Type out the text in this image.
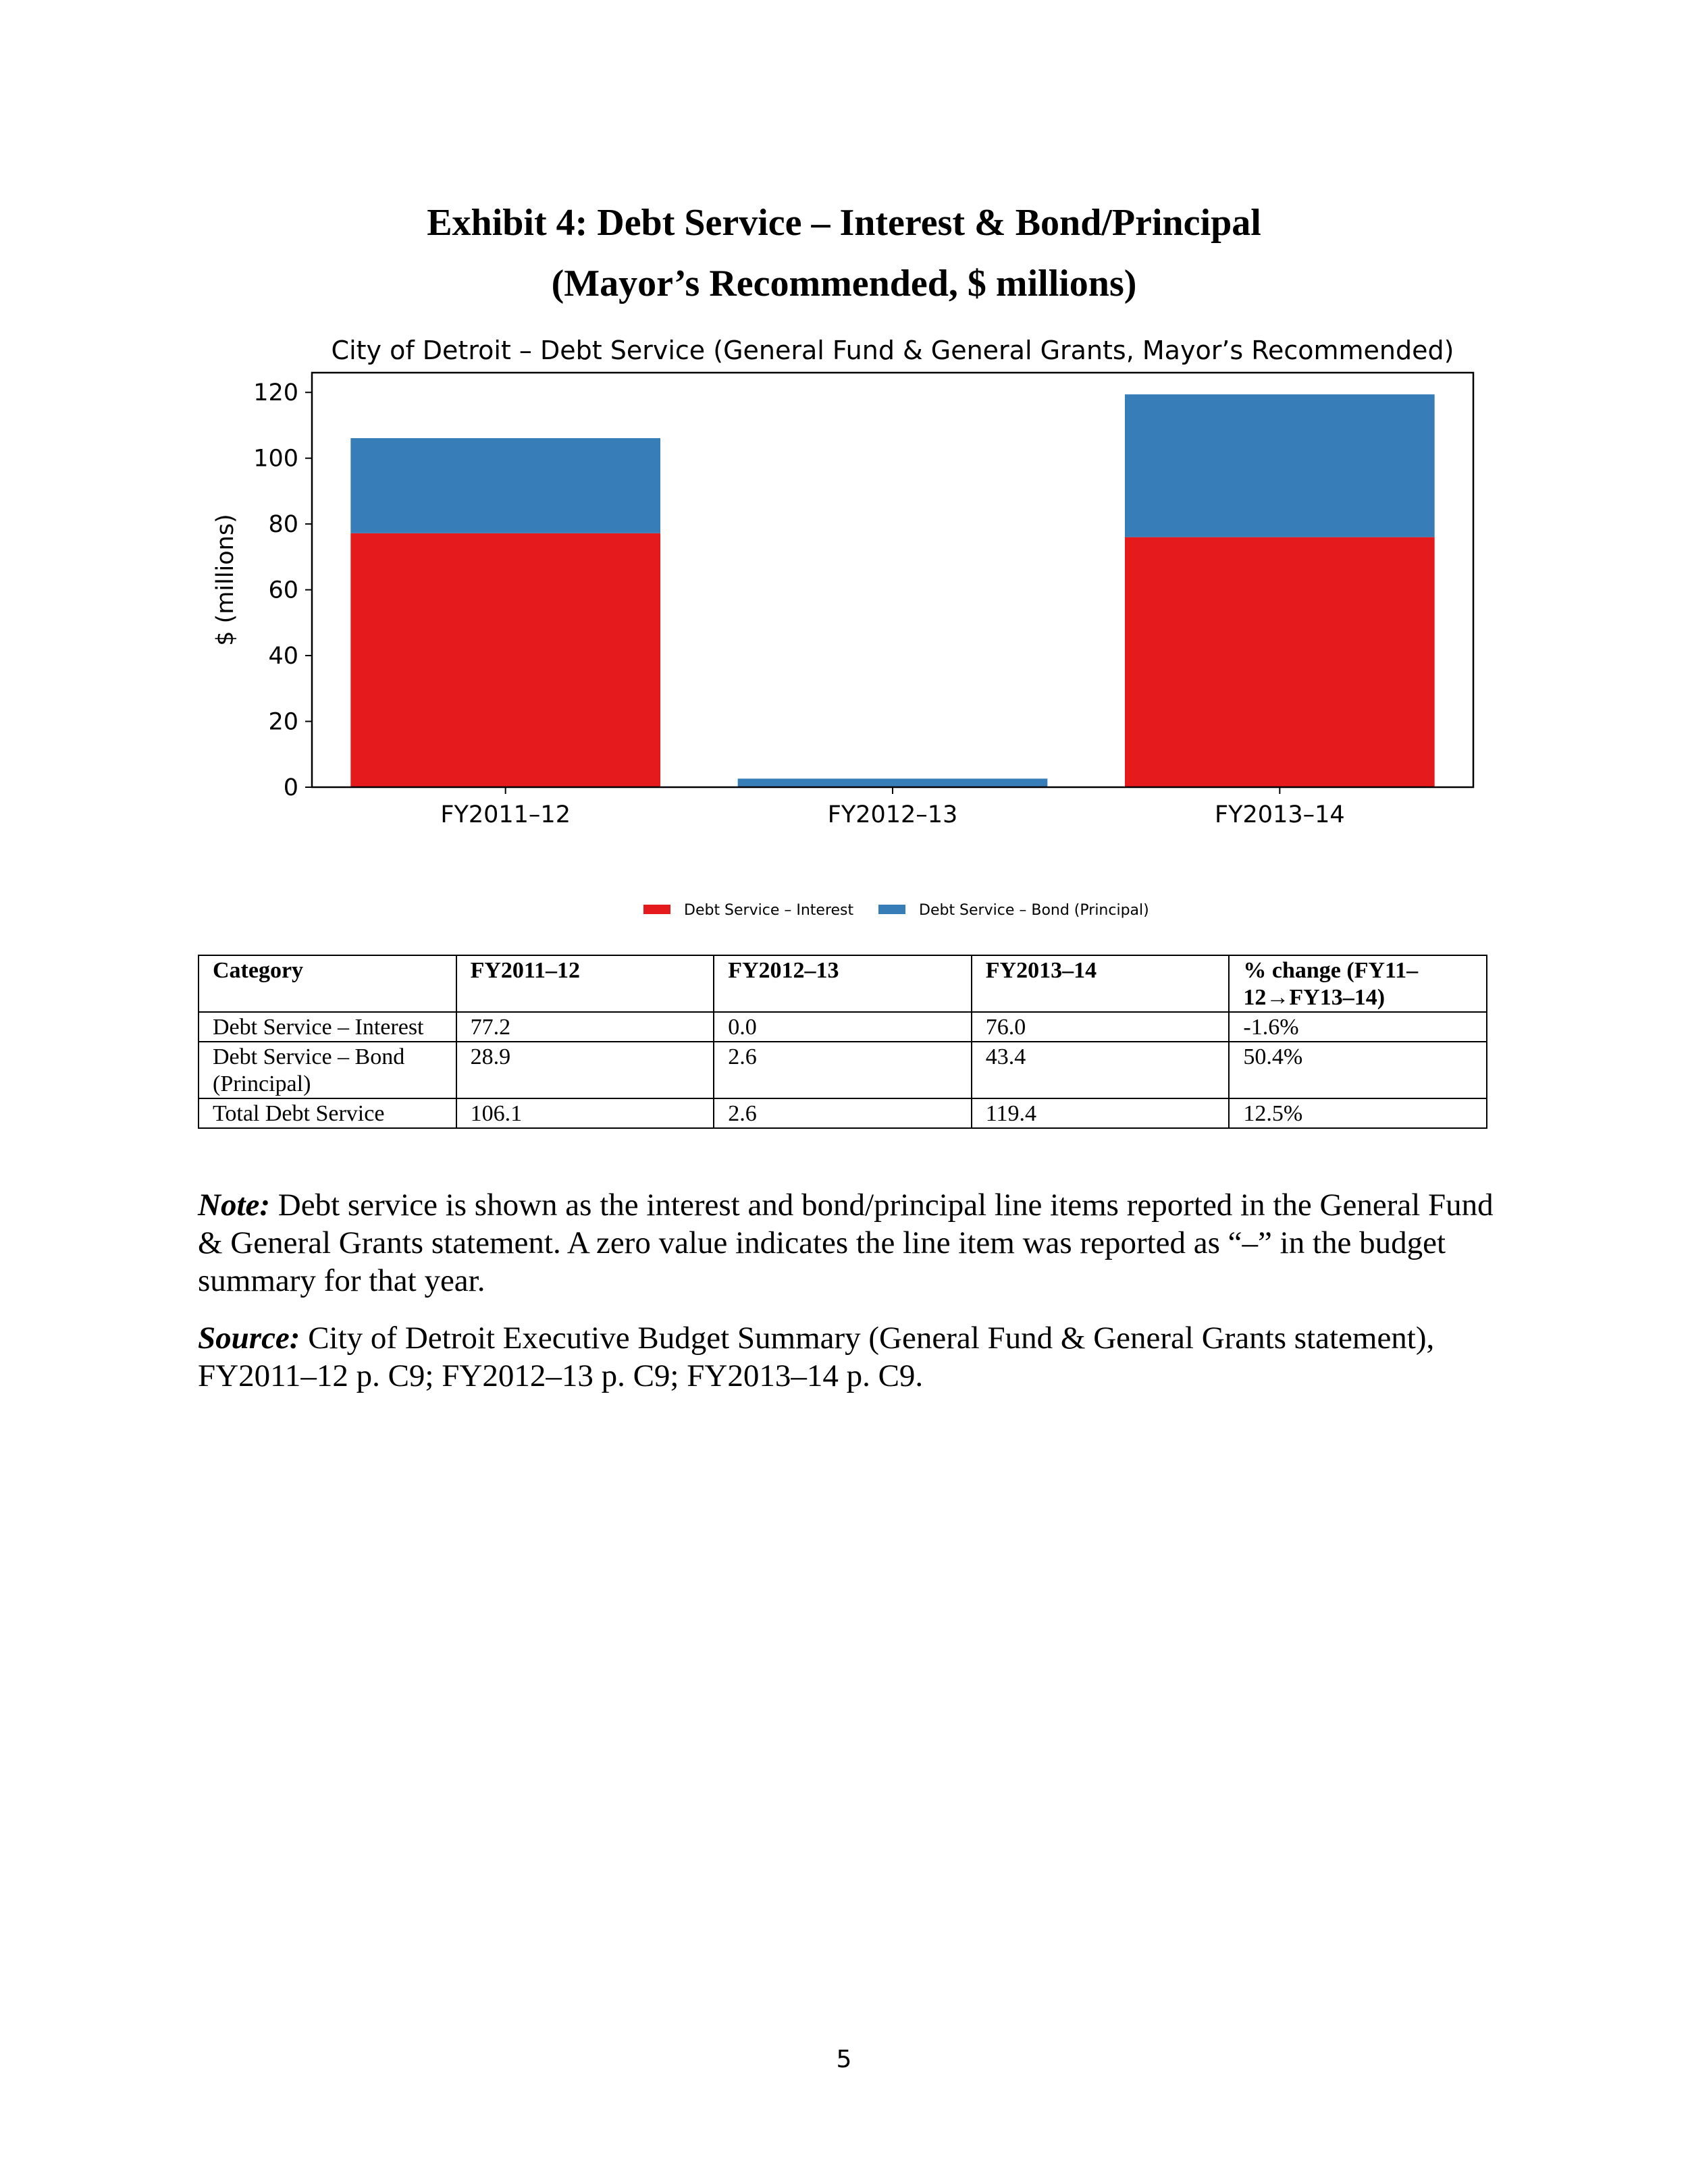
Exhibit 4: Debt Service – Interest & Bond/Principal
(Mayor’s Recommended, $ millions)
City of Detroit – Debt Service (General Fund & General Grants, Mayor’s Recommended)
FY2011–12	FY2012–13	FY2013–14
0
20
40
60
80
100
120
$ (millions)
Debt Service – Interest	Debt Service – Bond (Principal)
Category	FY2011–12	FY2012–13	FY2013–14	% change (FY11–12→FY13–14)
Debt Service – Interest	77.2	0.0	76.0	-1.6%
Debt Service – Bond (Principal)	28.9	2.6	43.4	50.4%
Total Debt Service	106.1	2.6	119.4	12.5%
Note: Debt service is shown as the interest and bond/principal line items reported in the General Fund & General Grants statement. A zero value indicates the line item was reported as “–” in the budget summary for that year.
Source: City of Detroit Executive Budget Summary (General Fund & General Grants statement), FY2011–12 p. C9; FY2012–13 p. C9; FY2013–14 p. C9.
5
